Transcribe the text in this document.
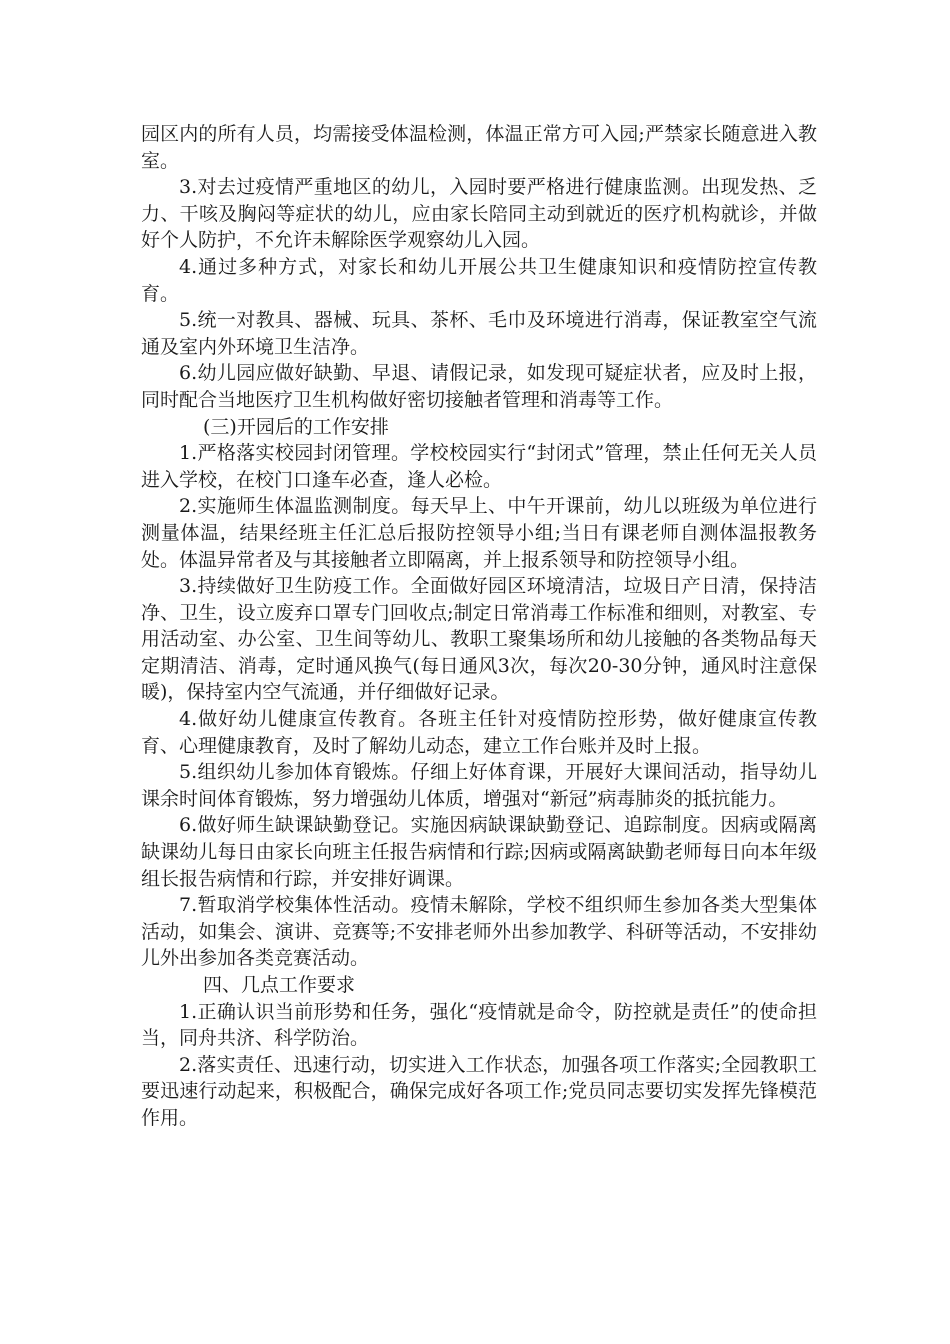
园区内的所有人员，均需接受体温检测，体温正常方可入园;严禁家长随意进入教室。

3.对去过疫情严重地区的幼儿，入园时要严格进行健康监测。出现发热、乏力、干咳及胸闷等症状的幼儿，应由家长陪同主动到就近的医疗机构就诊，并做好个人防护，不允许未解除医学观察幼儿入园。

4.通过多种方式，对家长和幼儿开展公共卫生健康知识和疫情防控宣传教育。

5.统一对教具、器械、玩具、茶杯、毛巾及环境进行消毒，保证教室空气流通及室内外环境卫生洁净。

6.幼儿园应做好缺勤、早退、请假记录，如发现可疑症状者，应及时上报，同时配合当地医疗卫生机构做好密切接触者管理和消毒等工作。

(三)开园后的工作安排

1.严格落实校园封闭管理。学校校园实行“封闭式”管理，禁止任何无关人员进入学校，在校门口逢车必查，逢人必检。

2.实施师生体温监测制度。每天早上、中午开课前，幼儿以班级为单位进行测量体温，结果经班主任汇总后报防控领导小组;当日有课老师自测体温报教务处。体温异常者及与其接触者立即隔离，并上报系领导和防控领导小组。

3.持续做好卫生防疫工作。全面做好园区环境清洁，垃圾日产日清，保持洁净、卫生，设立废弃口罩专门回收点;制定日常消毒工作标准和细则，对教室、专用活动室、办公室、卫生间等幼儿、教职工聚集场所和幼儿接触的各类物品每天定期清洁、消毒，定时通风换气(每日通风3次，每次20-30分钟，通风时注意保暖)，保持室内空气流通，并仔细做好记录。

4.做好幼儿健康宣传教育。各班主任针对疫情防控形势，做好健康宣传教育、心理健康教育，及时了解幼儿动态，建立工作台账并及时上报。

5.组织幼儿参加体育锻炼。仔细上好体育课，开展好大课间活动，指导幼儿课余时间体育锻炼，努力增强幼儿体质，增强对“新冠”病毒肺炎的抵抗能力。

6.做好师生缺课缺勤登记。实施因病缺课缺勤登记、追踪制度。因病或隔离缺课幼儿每日由家长向班主任报告病情和行踪;因病或隔离缺勤老师每日向本年级组长报告病情和行踪，并安排好调课。

7.暂取消学校集体性活动。疫情未解除，学校不组织师生参加各类大型集体活动，如集会、演讲、竞赛等;不安排老师外出参加教学、科研等活动，不安排幼儿外出参加各类竞赛活动。

四、几点工作要求

1.正确认识当前形势和任务，强化“疫情就是命令，防控就是责任”的使命担当，同舟共济、科学防治。

2.落实责任、迅速行动，切实进入工作状态，加强各项工作落实;全园教职工要迅速行动起来，积极配合，确保完成好各项工作;党员同志要切实发挥先锋模范作用。
